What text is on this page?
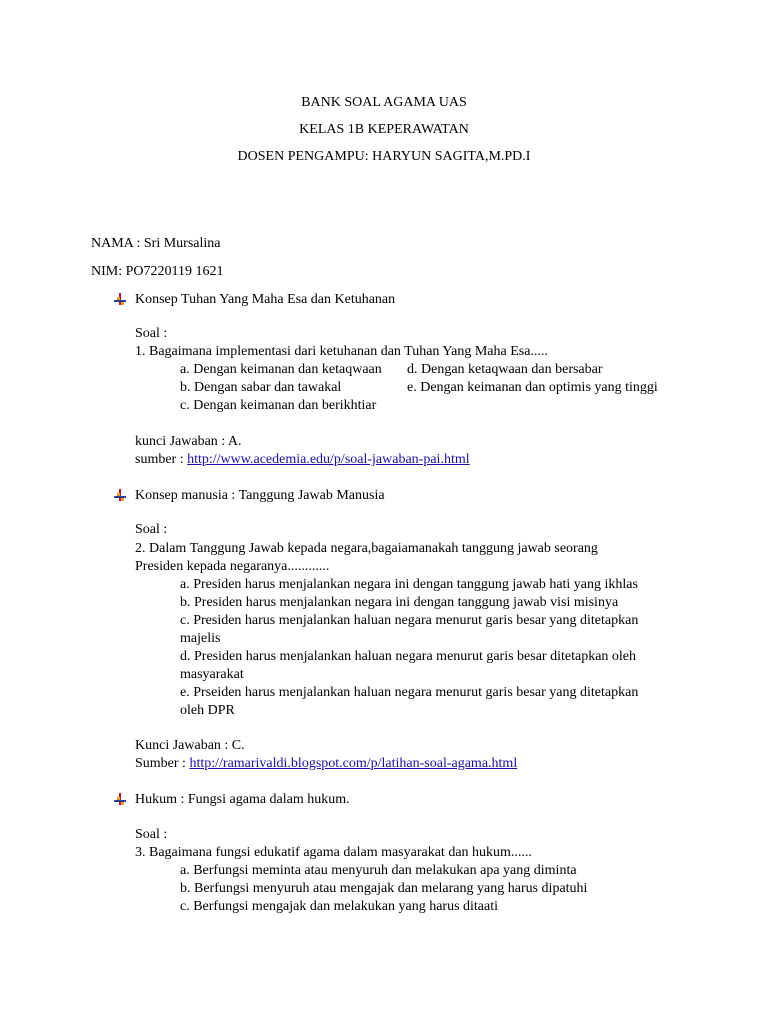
BANK SOAL AGAMA UAS
KELAS 1B KEPERAWATAN
DOSEN PENGAMPU: HARYUN SAGITA,M.PD.I
NAMA : Sri Mursalina
NIM: PO7220119 1621
Konsep Tuhan Yang Maha Esa dan Ketuhanan
Soal :
1. Bagaimana implementasi dari ketuhanan dan Tuhan Yang Maha Esa.....
a. Dengan keimanan dan ketaqwaan d. Dengan ketaqwaan dan bersabar
b. Dengan sabar dan tawakal	e. Dengan keimanan dan optimis yang tinggi
c. Dengan keimanan dan berikhtiar
kunci Jawaban : A.
sumber : http://www.acedemia.edu/p/soal-jawaban-pai.html
Konsep manusia : Tanggung Jawab Manusia
Soal :
2. Dalam Tanggung Jawab kepada negara,bagaiamanakah tanggung jawab seorang
Presiden kepada negaranya............
a. Presiden harus menjalankan negara ini dengan tanggung jawab hati yang ikhlas
b. Presiden harus menjalankan negara ini dengan tanggung jawab visi misinya
c. Presiden harus menjalankan haluan negara menurut garis besar yang ditetapkan
majelis
d. Presiden harus menjalankan haluan negara menurut garis besar ditetapkan oleh
masyarakat
e. Prseiden harus menjalankan haluan negara menurut garis besar yang ditetapkan
oleh DPR
Kunci Jawaban : C.
Sumber : http://ramarivaldi.blogspot.com/p/latihan-soal-agama.html
Hukum : Fungsi agama dalam hukum.
Soal :
3. Bagaimana fungsi edukatif agama dalam masyarakat dan hukum......
a. Berfungsi meminta atau menyuruh dan melakukan apa yang diminta
b. Berfungsi menyuruh atau mengajak dan melarang yang harus dipatuhi
c. Berfungsi mengajak dan melakukan yang harus ditaati
